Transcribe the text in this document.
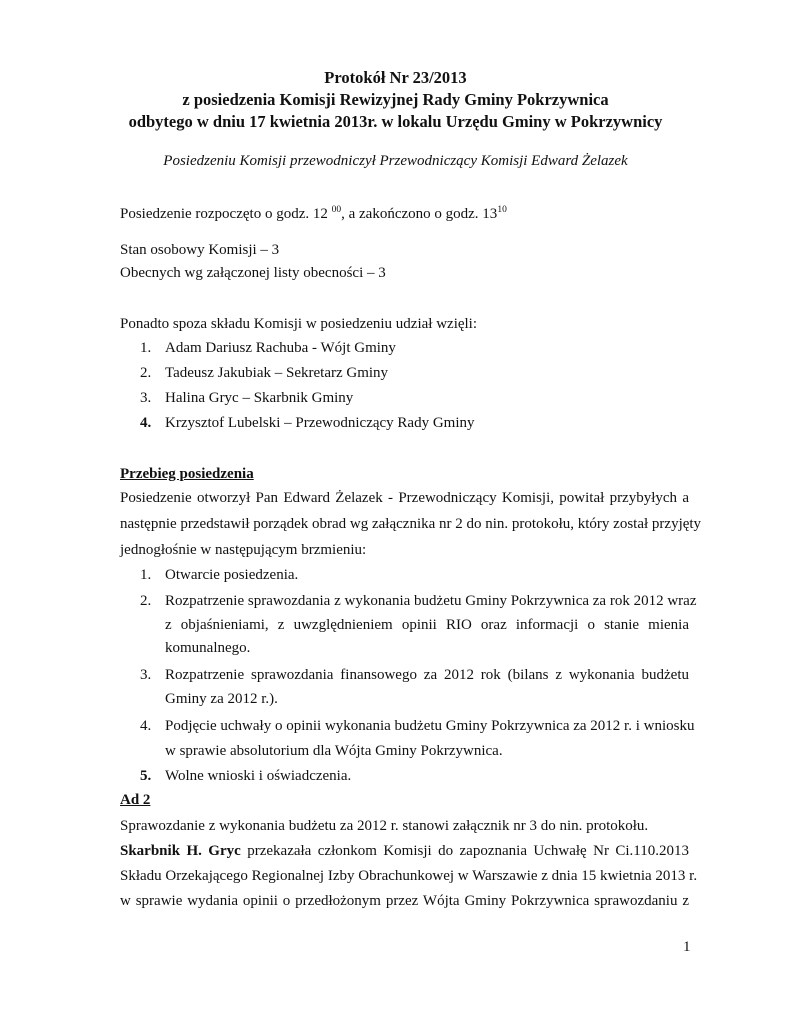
Protokół Nr 23/2013
z posiedzenia Komisji Rewizyjnej Rady Gminy Pokrzywnica
odbytego w dniu 17 kwietnia 2013r. w lokalu Urzędu Gminy w Pokrzywnicy
Posiedzeniu Komisji przewodniczył Przewodniczący Komisji Edward Żelazek
Posiedzenie rozpoczęto o godz. 12 $^{00}$, a zakończono o godz. $13^{10}$
Stan osobowy Komisji – 3
Obecnych wg załączonej listy obecności – 3
Ponadto spoza składu Komisji w posiedzeniu udział wzięli:
1. Adam Dariusz Rachuba - Wójt Gminy
2. Tadeusz Jakubiak – Sekretarz Gminy
3. Halina Gryc – Skarbnik Gminy
4. Krzysztof Lubelski – Przewodniczący Rady Gminy
Przebieg posiedzenia
Posiedzenie otworzył Pan Edward Żelazek - Przewodniczący Komisji, powitał przybyłych a
następnie przedstawił porządek obrad wg załącznika nr 2 do nin. protokołu, który został przyjęty
jednogłośnie w następującym brzmieniu:
1. Otwarcie posiedzenia.
2. Rozpatrzenie sprawozdania z wykonania budżetu Gminy Pokrzywnica za rok 2012 wraz
z objaśnieniami, z uwzględnieniem opinii RIO oraz informacji o stanie mienia
komunalnego.
3. Rozpatrzenie sprawozdania finansowego za 2012 rok (bilans z wykonania budżetu
Gminy za 2012 r.).
4. Podjęcie uchwały o opinii wykonania budżetu Gminy Pokrzywnica za 2012 r. i wniosku
w sprawie absolutorium dla Wójta Gminy Pokrzywnica.
5. Wolne wnioski i oświadczenia.
Ad 2
Sprawozdanie z wykonania budżetu za 2012 r. stanowi załącznik nr 3 do nin. protokołu.
Skarbnik H. Gryc przekazała członkom Komisji do zapoznania Uchwałę Nr Ci.110.2013
Składu Orzekającego Regionalnej Izby Obrachunkowej w Warszawie z dnia 15 kwietnia 2013 r.
w sprawie wydania opinii o przedłożonym przez Wójta Gminy Pokrzywnica sprawozdaniu z
1
